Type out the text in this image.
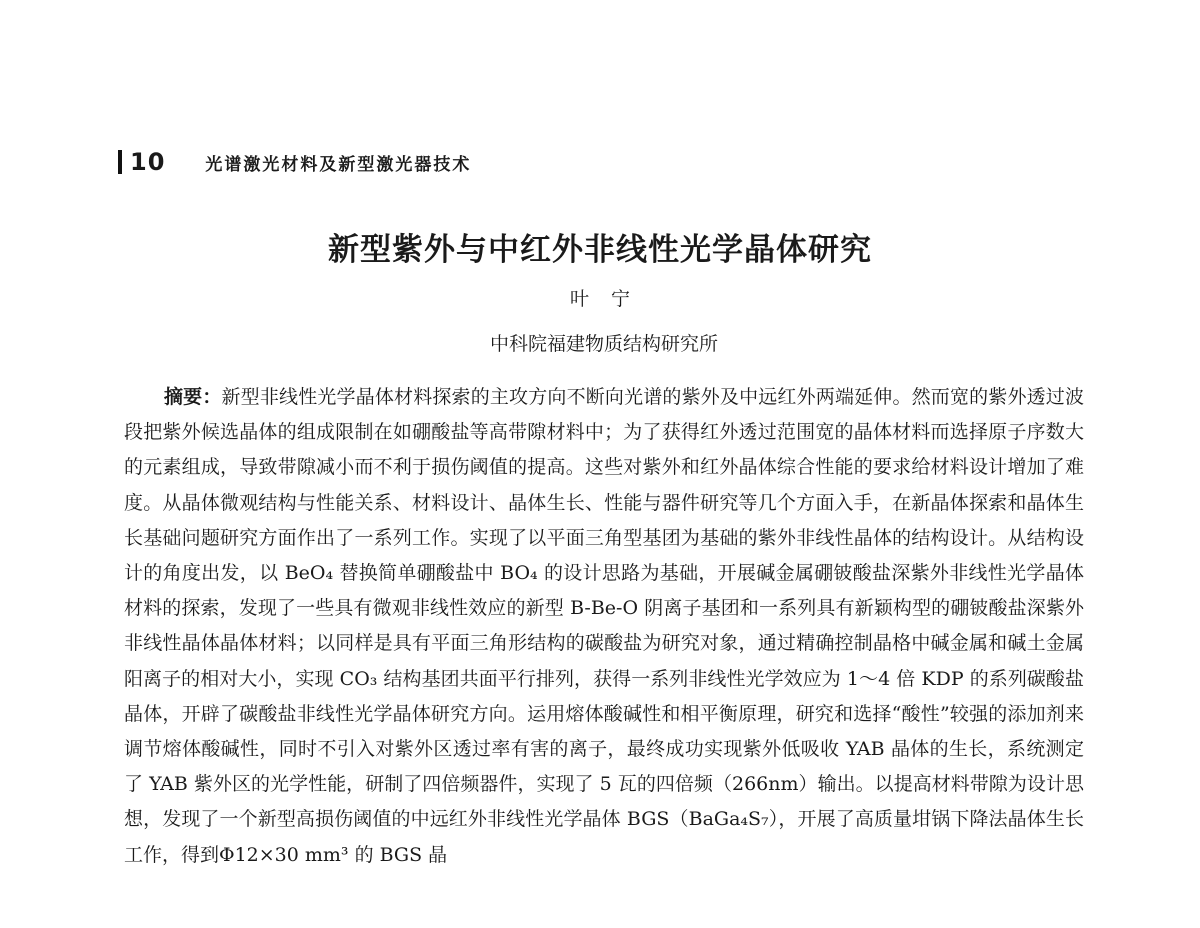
10 光谱激光材料及新型激光器技术
新型紫外与中红外非线性光学晶体研究
叶宁
中科院福建物质结构研究所

摘要：新型非线性光学晶体材料探索的主攻方向不断向光谱的紫外及中远红外两端延伸。然而宽的紫外透过波段把紫外候选晶体的组成限制在如硼酸盐等高带隙材料中；为了获得红外透过范围宽的晶体材料而选择原子序数大的元素组成，导致带隙减小而不利于损伤阈值的提高。这些对紫外和红外晶体综合性能的要求给材料设计增加了难度。从晶体微观结构与性能关系、材料设计、晶体生长、性能与器件研究等几个方面入手，在新晶体探索和晶体生长基础问题研究方面作出了一系列工作。实现了以平面三角型基团为基础的紫外非线性晶体的结构设计。从结构设计的角度出发，以 BeO₄ 替换简单硼酸盐中 BO₄ 的设计思路为基础，开展碱金属硼铍酸盐深紫外非线性光学晶体材料的探索，发现了一些具有微观非线性效应的新型 B-Be-O 阴离子基团和一系列具有新颖构型的硼铍酸盐深紫外非线性晶体晶体材料；以同样是具有平面三角形结构的碳酸盐为研究对象，通过精确控制晶格中碱金属和碱土金属阳离子的相对大小，实现 CO₃ 结构基团共面平行排列，获得一系列非线性光学效应为 1～4 倍 KDP 的系列碳酸盐晶体，开辟了碳酸盐非线性光学晶体研究方向。运用熔体酸碱性和相平衡原理，研究和选择“酸性”较强的添加剂来调节熔体酸碱性，同时不引入对紫外区透过率有害的离子，最终成功实现紫外低吸收 YAB 晶体的生长，系统测定了 YAB 紫外区的光学性能，研制了四倍频器件，实现了 5 瓦的四倍频（266nm）输出。以提高材料带隙为设计思想，发现了一个新型高损伤阈值的中远红外非线性光学晶体 BGS（BaGa₄S₇），开展了高质量坩锅下降法晶体生长工作，得到Φ12×30 mm³ 的 BGS 晶
